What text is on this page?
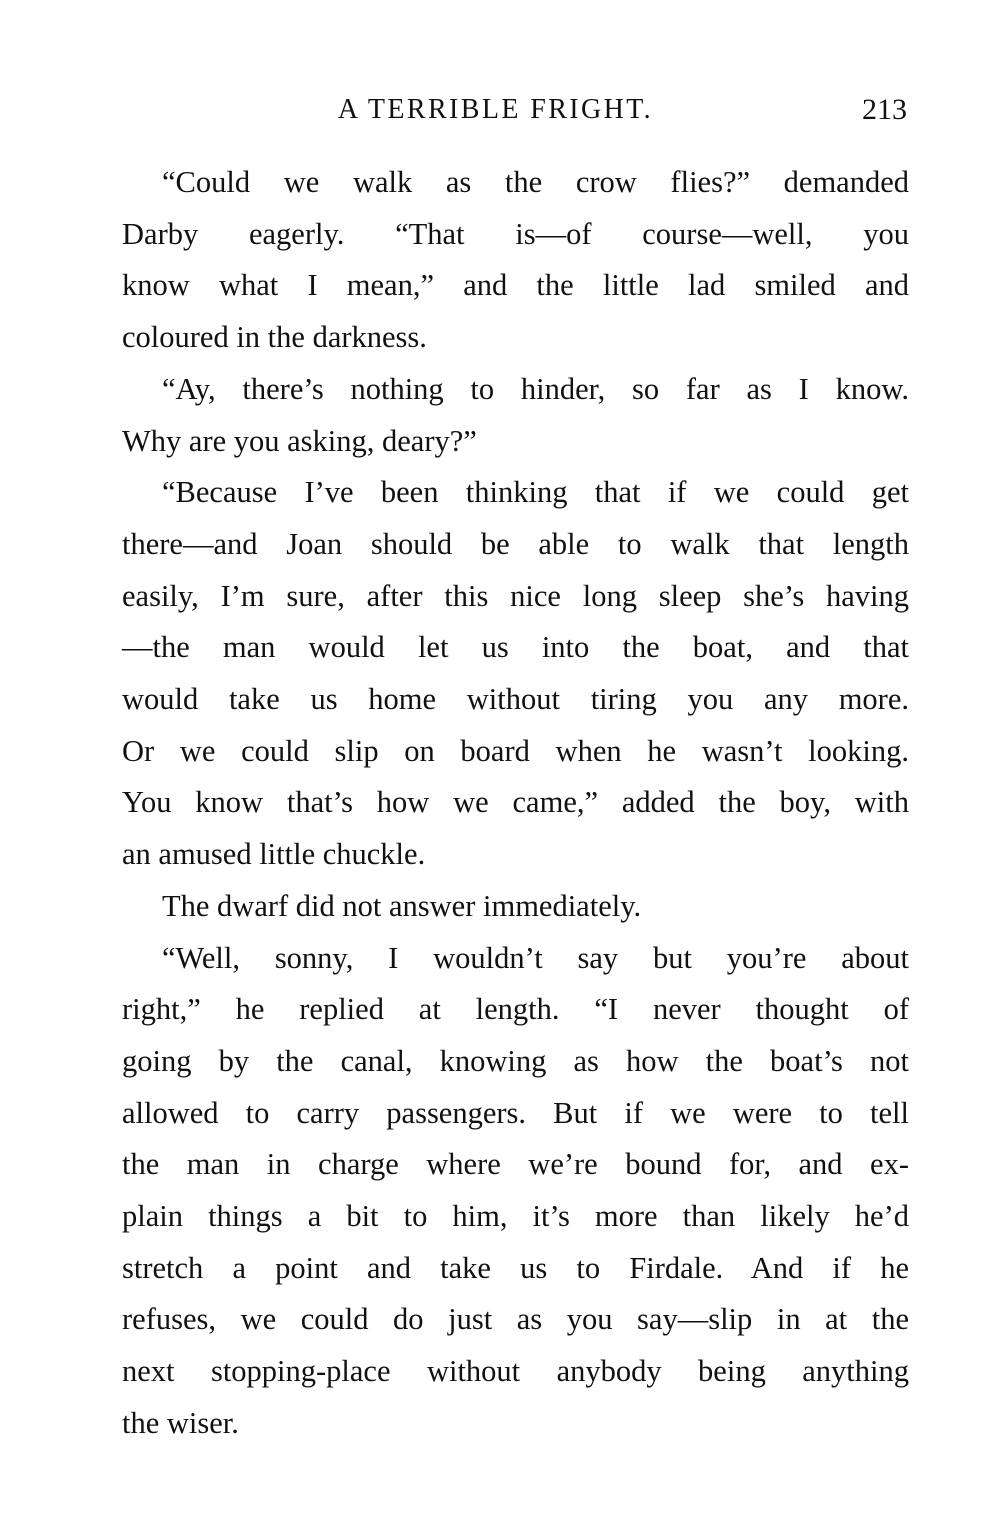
A TERRIBLE FRIGHT.	213

“Could we walk as the crow flies?” demanded
Darby eagerly. “That is—of course—well, you
know what I mean,” and the little lad smiled and
coloured in the darkness.

“Ay, there’s nothing to hinder, so far as I know.
Why are you asking, deary?”

“Because I’ve been thinking that if we could get
there—and Joan should be able to walk that length
easily, I’m sure, after this nice long sleep she’s having
—the man would let us into the boat, and that
would take us home without tiring you any more.
Or we could slip on board when he wasn’t looking.
You know that’s how we came,” added the boy, with
an amused little chuckle.

The dwarf did not answer immediately.

“Well, sonny, I wouldn’t say but you’re about
right,” he replied at length. “I never thought of
going by the canal, knowing as how the boat’s not
allowed to carry passengers. But if we were to tell
the man in charge where we’re bound for, and ex-
plain things a bit to him, it’s more than likely he’d
stretch a point and take us to Firdale. And if he
refuses, we could do just as you say—slip in at the
next stopping-place without anybody being anything
the wiser.
